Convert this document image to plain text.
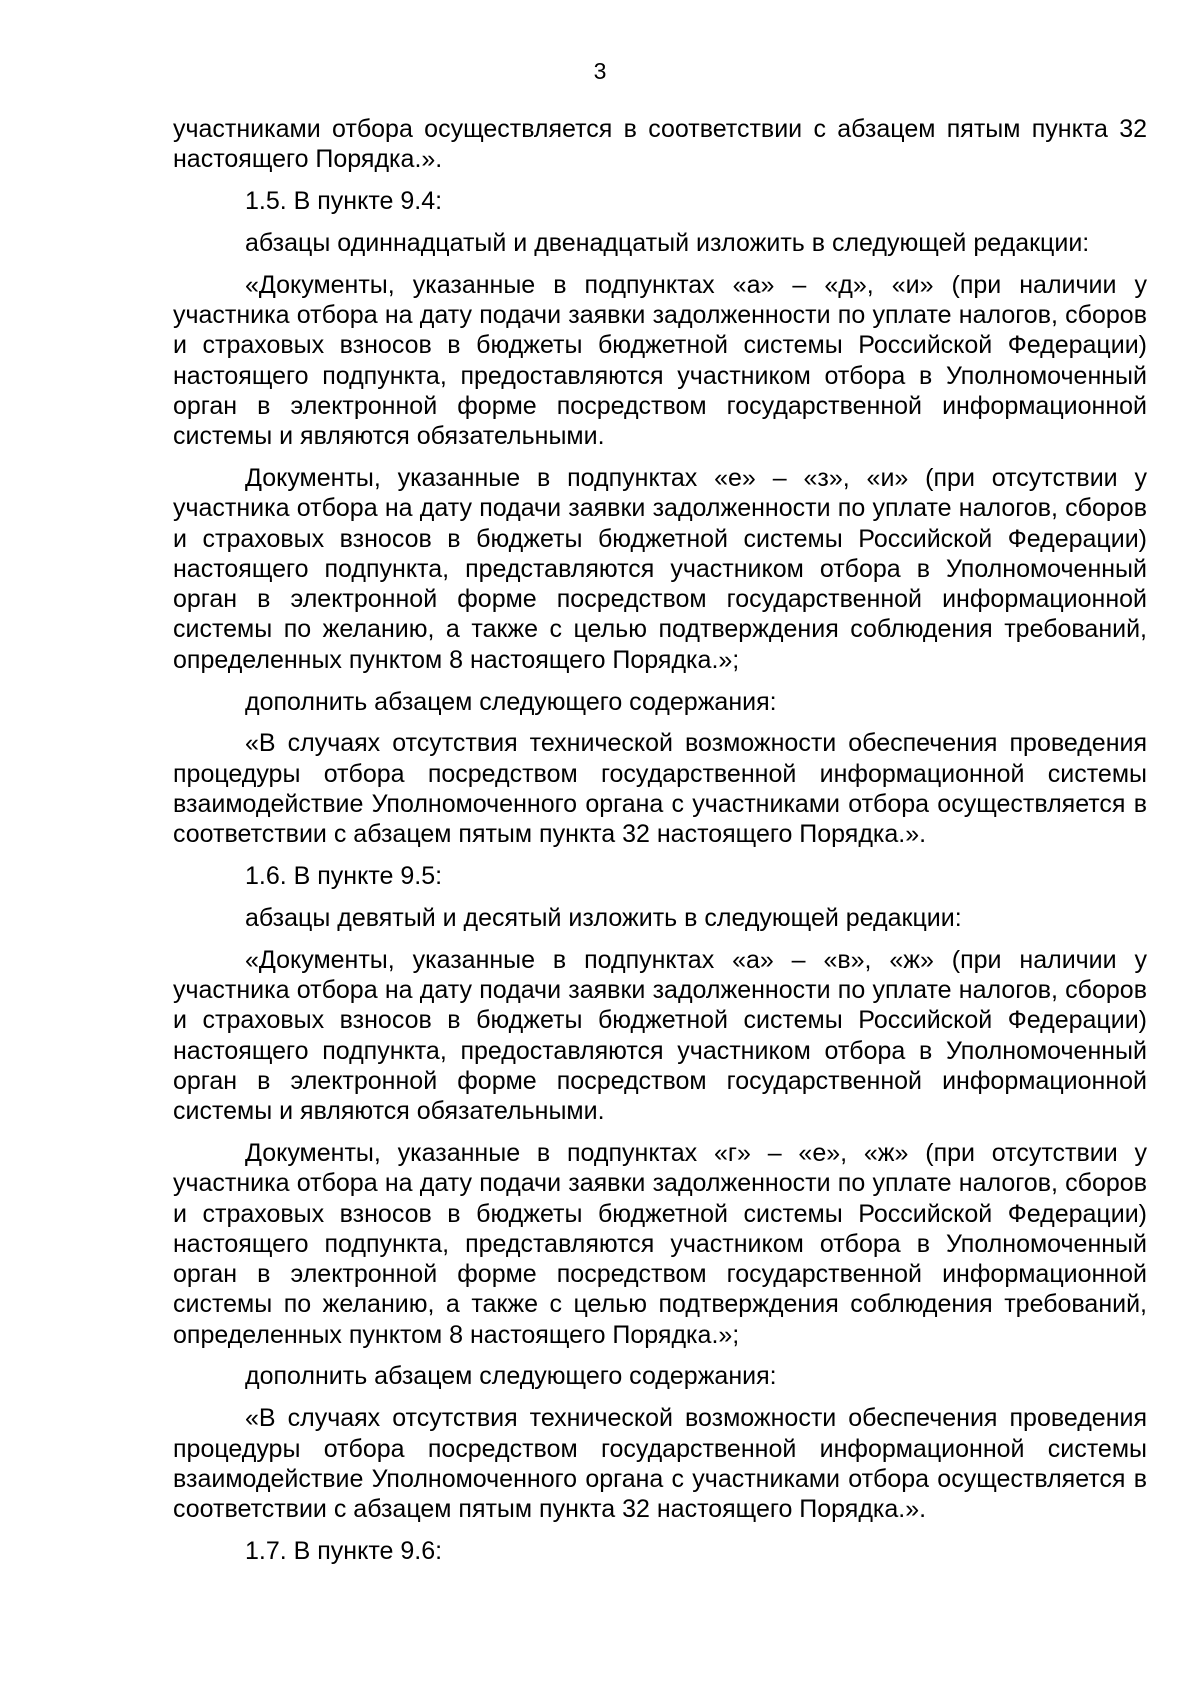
3

участниками отбора осуществляется в соответствии с абзацем пятым пункта 32 настоящего Порядка.».

1.5. В пункте 9.4:

абзацы одиннадцатый и двенадцатый изложить в следующей редакции:

«Документы, указанные в подпунктах «а» – «д», «и» (при наличии у участника отбора на дату подачи заявки задолженности по уплате налогов, сборов и страховых взносов в бюджеты бюджетной системы Российской Федерации) настоящего подпункта, предоставляются участником отбора в Уполномоченный орган в электронной форме посредством государственной информационной системы и являются обязательными.

Документы, указанные в подпунктах «е» – «з», «и» (при отсутствии у участника отбора на дату подачи заявки задолженности по уплате налогов, сборов и страховых взносов в бюджеты бюджетной системы Российской Федерации) настоящего подпункта, представляются участником отбора в Уполномоченный орган в электронной форме посредством государственной информационной системы по желанию, а также с целью подтверждения соблюдения требований, определенных пунктом 8 настоящего Порядка.»;

дополнить абзацем следующего содержания:

«В случаях отсутствия технической возможности обеспечения проведения процедуры отбора посредством государственной информационной системы взаимодействие Уполномоченного органа с участниками отбора осуществляется в соответствии с абзацем пятым пункта 32 настоящего Порядка.».

1.6. В пункте 9.5:

абзацы девятый и десятый изложить в следующей редакции:

«Документы, указанные в подпунктах «а» – «в», «ж» (при наличии у участника отбора на дату подачи заявки задолженности по уплате налогов, сборов и страховых взносов в бюджеты бюджетной системы Российской Федерации) настоящего подпункта, предоставляются участником отбора в Уполномоченный орган в электронной форме посредством государственной информационной системы и являются обязательными.

Документы, указанные в подпунктах «г» – «е», «ж» (при отсутствии у участника отбора на дату подачи заявки задолженности по уплате налогов, сборов и страховых взносов в бюджеты бюджетной системы Российской Федерации) настоящего подпункта, представляются участником отбора в Уполномоченный орган в электронной форме посредством государственной информационной системы по желанию, а также с целью подтверждения соблюдения требований, определенных пунктом 8 настоящего Порядка.»;

дополнить абзацем следующего содержания:

«В случаях отсутствия технической возможности обеспечения проведения процедуры отбора посредством государственной информационной системы взаимодействие Уполномоченного органа с участниками отбора осуществляется в соответствии с абзацем пятым пункта 32 настоящего Порядка.».

1.7. В пункте 9.6:
